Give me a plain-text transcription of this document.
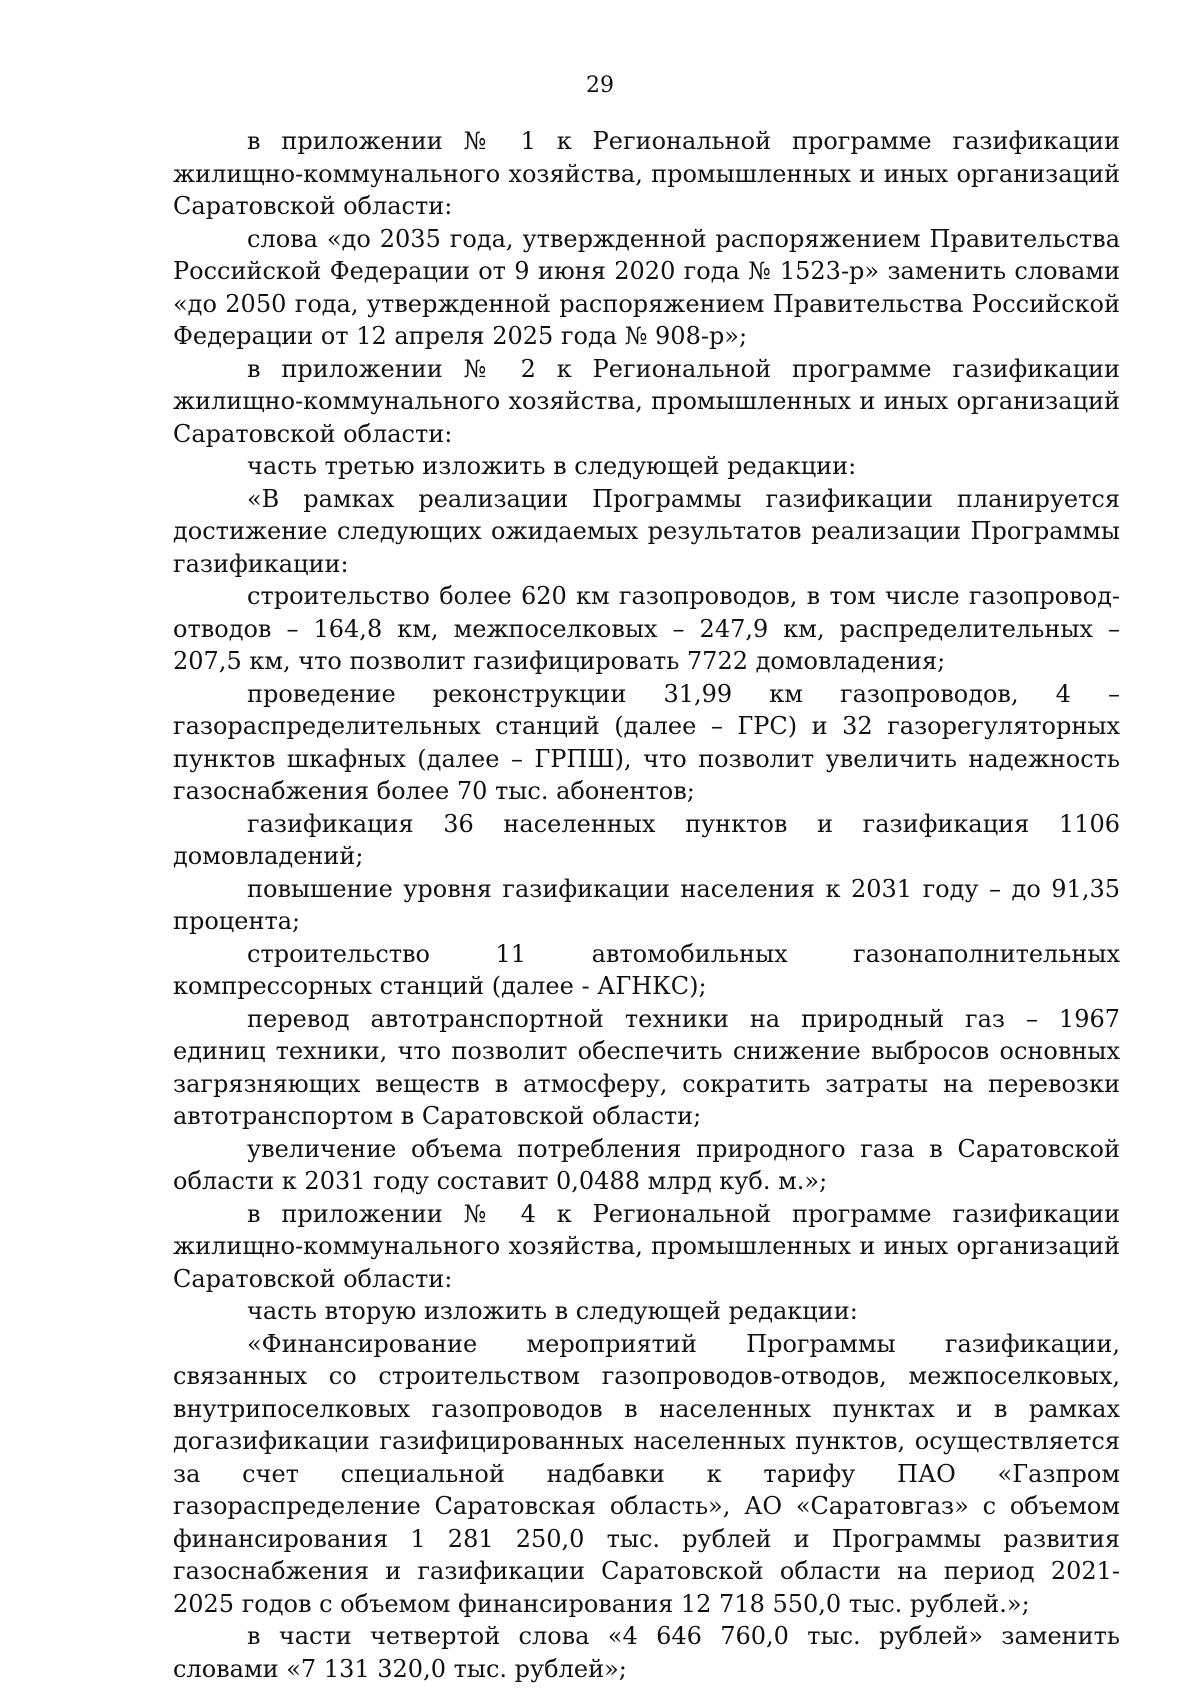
29

в приложении № 1 к Региональной программе газификации жилищно-коммунального хозяйства, промышленных и иных организаций Саратовской области:

слова «до 2035 года, утвержденной распоряжением Правительства Российской Федерации от 9 июня 2020 года № 1523-р» заменить словами «до 2050 года, утвержденной распоряжением Правительства Российской Федерации от 12 апреля 2025 года № 908-р»;

в приложении № 2 к Региональной программе газификации жилищно-коммунального хозяйства, промышленных и иных организаций Саратовской области:

часть третью изложить в следующей редакции:

«В рамках реализации Программы газификации планируется достижение следующих ожидаемых результатов реализации Программы газификации:

строительство более 620 км газопроводов, в том числе газопровод-отводов – 164,8 км, межпоселковых – 247,9 км, распределительных – 207,5 км, что позволит газифицировать 7722 домовладения;

проведение реконструкции 31,99 км газопроводов, 4 – газораспределительных станций (далее – ГРС) и 32 газорегуляторных пунктов шкафных (далее – ГРПШ), что позволит увеличить надежность газоснабжения более 70 тыс. абонентов;

газификация 36 населенных пунктов и газификация 1106 домовладений;

повышение уровня газификации населения к 2031 году – до 91,35 процента;

строительство 11 автомобильных газонаполнительных компрессорных станций (далее - АГНКС);

перевод автотранспортной техники на природный газ – 1967 единиц техники, что позволит обеспечить снижение выбросов основных загрязняющих веществ в атмосферу, сократить затраты на перевозки автотранспортом в Саратовской области;

увеличение объема потребления природного газа в Саратовской области к 2031 году составит 0,0488 млрд куб. м.»;

в приложении № 4 к Региональной программе газификации жилищно-коммунального хозяйства, промышленных и иных организаций Саратовской области:

часть вторую изложить в следующей редакции:

«Финансирование мероприятий Программы газификации, связанных со строительством газопроводов-отводов, межпоселковых, внутрипоселковых газопроводов в населенных пунктах и в рамках догазификации газифицированных населенных пунктов, осуществляется за счет специальной надбавки к тарифу ПАО «Газпром газораспределение Саратовская область», АО «Саратовгаз» с объемом финансирования 1 281 250,0 тыс. рублей и Программы развития газоснабжения и газификации Саратовской области на период 2021-2025 годов с объемом финансирования 12 718 550,0 тыс. рублей.»;

в части четвертой слова «4 646 760,0 тыс. рублей» заменить словами «7 131 320,0 тыс. рублей»;
